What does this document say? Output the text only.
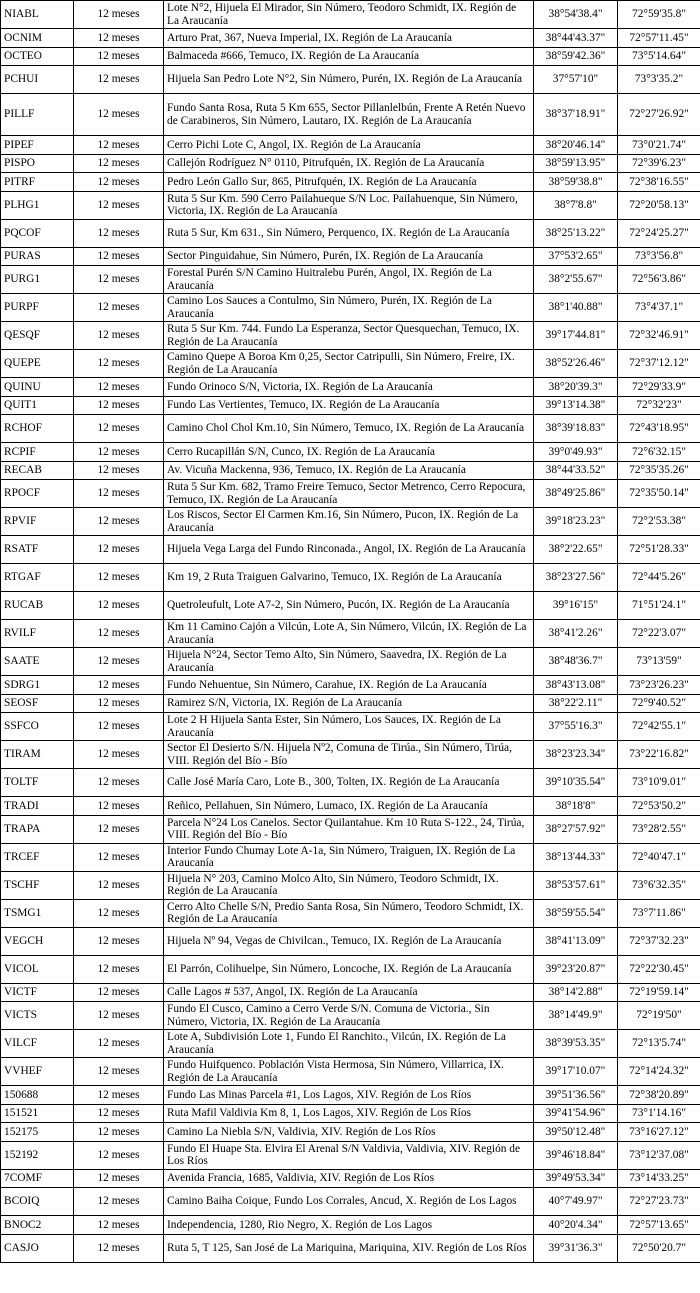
NIABL	12 meses	Lote N°2, Hijuela El Mirador, Sin Número, Teodoro Schmidt, IX. Región de La Araucanía	38°54'38.4"	72°59'35.8"
OCNIM	12 meses	Arturo Prat, 367, Nueva Imperial, IX. Región de La Araucanía	38°44'43.37"	72°57'11.45"
OCTEO	12 meses	Balmaceda #666, Temuco, IX. Región de La Araucanía	38°59'42.36"	73°5'14.64"
PCHUI	12 meses	Hijuela San Pedro Lote N°2, Sin Número, Purén, IX. Región de La Araucanía	37°57'10"	73°3'35.2"
PILLF	12 meses	Fundo Santa Rosa, Ruta 5 Km 655, Sector Pillanlelbún, Frente A Retén Nuevo de Carabineros, Sin Número, Lautaro, IX. Región de La Araucanía	38°37'18.91"	72°27'26.92"
PIPEF	12 meses	Cerro Pichi Lote C, Angol, IX. Región de La Araucanía	38°20'46.14"	73°0'21.74"
PISPO	12 meses	Callejón Rodríguez N° 0110, Pitrufquén, IX. Región de La Araucanía	38°59'13.95"	72°39'6.23"
PITRF	12 meses	Pedro León Gallo Sur, 865, Pitrufquén, IX. Región de La Araucanía	38°59'38.8"	72°38'16.55"
PLHG1	12 meses	Ruta 5 Sur Km. 590 Cerro Pailahueque S/N Loc. Pailahuenque, Sin Número, Victoria, IX. Región de La Araucanía	38°7'8.8"	72°20'58.13"
PQCOF	12 meses	Ruta 5 Sur, Km 631., Sin Número, Perquenco, IX. Región de La Araucanía	38°25'13.22"	72°24'25.27"
PURAS	12 meses	Sector Pinguidahue, Sin Número, Purén, IX. Región de La Araucanía	37°53'2.65"	73°3'56.8"
PURG1	12 meses	Forestal Purén S/N Camino Huitralebu Purén, Angol, IX. Región de La Araucanía	38°2'55.67"	72°56'3.86"
PURPF	12 meses	Camino Los Sauces a Contulmo, Sin Número, Purén, IX. Región de La Araucanía	38°1'40.88"	73°4'37.1"
QESQF	12 meses	Ruta 5 Sur Km. 744. Fundo La Esperanza, Sector Quesquechan, Temuco, IX. Región de La Araucanía	39°17'44.81"	72°32'46.91"
QUEPE	12 meses	Camino Quepe A Boroa Km 0,25, Sector Catripulli, Sin Número, Freire, IX. Región de La Araucanía	38°52'26.46"	72°37'12.12"
QUINU	12 meses	Fundo Orinoco S/N, Victoria, IX. Región de La Araucanía	38°20'39.3"	72°29'33.9"
QUIT1	12 meses	Fundo Las Vertientes, Temuco, IX. Región de La Araucanía	39°13'14.38"	72°32'23"
RCHOF	12 meses	Camino Chol Chol Km.10, Sin Número, Temuco, IX. Región de La Araucanía	38°39'18.83"	72°43'18.95"
RCPIF	12 meses	Cerro Rucapillán S/N, Cunco, IX. Región de La Araucanía	39°0'49.93"	72°6'32.15"
RECAB	12 meses	Av. Vicuña Mackenna, 936, Temuco, IX. Región de La Araucanía	38°44'33.52"	72°35'35.26"
RPOCF	12 meses	Ruta 5 Sur Km. 682, Tramo Freire Temuco, Sector Metrenco, Cerro Repocura, Temuco, IX. Región de La Araucanía	38°49'25.86"	72°35'50.14"
RPVIF	12 meses	Los Riscos, Sector El Carmen Km.16, Sin Número, Pucon, IX. Región de La Araucanía	39°18'23.23"	72°2'53.38"
RSATF	12 meses	Hijuela Vega Larga del Fundo Rinconada., Angol, IX. Región de La Araucanía	38°2'22.65"	72°51'28.33"
RTGAF	12 meses	Km 19, 2 Ruta Traiguen Galvarino, Temuco, IX. Región de La Araucanía	38°23'27.56"	72°44'5.26"
RUCAB	12 meses	Quetroleufult, Lote A7-2, Sin Número, Pucón, IX. Región de La Araucanía	39°16'15"	71°51'24.1"
RVILF	12 meses	Km 11 Camino Cajón a Vilcún, Lote A, Sin Número, Vilcún, IX. Región de La Araucanía	38°41'2.26"	72°22'3.07"
SAATE	12 meses	Hijuela N°24, Sector Temo Alto, Sin Número, Saavedra, IX. Región de La Araucanía	38°48'36.7"	73°13'59"
SDRG1	12 meses	Fundo Nehuentue, Sin Número, Carahue, IX. Región de La Araucanía	38°43'13.08"	73°23'26.23"
SEOSF	12 meses	Ramirez S/N, Victoria, IX. Región de La Araucanía	38°22'2.11"	72°9'40.52"
SSFCO	12 meses	Lote 2 H Hijuela Santa Ester, Sin Número, Los Sauces, IX. Región de La Araucanía	37°55'16.3"	72°42'55.1"
TIRAM	12 meses	Sector El Desierto S/N. Hijuela Nº2, Comuna de Tirúa., Sin Número, Tirúa, VIII. Región del Bío - Bío	38°23'23.34"	73°22'16.82"
TOLTF	12 meses	Calle José María Caro, Lote B., 300, Tolten, IX. Región de La Araucanía	39°10'35.54"	73°10'9.01"
TRADI	12 meses	Reñico, Pellahuen, Sin Número, Lumaco, IX. Región de La Araucanía	38°18'8"	72°53'50.2"
TRAPA	12 meses	Parcela N°24 Los Canelos. Sector Quilantahue. Km 10 Ruta S-122., 24, Tirúa, VIII. Región del Bío - Bío	38°27'57.92"	73°28'2.55"
TRCEF	12 meses	Interior Fundo Chumay Lote A-1a, Sin Número, Traiguen, IX. Región de La Araucanía	38°13'44.33"	72°40'47.1"
TSCHF	12 meses	Hijuela N° 203, Camino Molco Alto, Sin Número, Teodoro Schmidt, IX. Región de La Araucanía	38°53'57.61"	73°6'32.35"
TSMG1	12 meses	Cerro Alto Chelle S/N, Predio Santa Rosa, Sin Número, Teodoro Schmidt, IX. Región de La Araucanía	38°59'55.54"	73°7'11.86"
VEGCH	12 meses	Hijuela Nº 94, Vegas de Chivilcan., Temuco, IX. Región de La Araucanía	38°41'13.09"	72°37'32.23"
VICOL	12 meses	El Parrón, Colihuelpe, Sin Número, Loncoche, IX. Región de La Araucanía	39°23'20.87"	72°22'30.45"
VICTF	12 meses	Calle Lagos # 537, Angol, IX. Región de La Araucanía	38°14'2.88"	72°19'59.14"
VICTS	12 meses	Fundo El Cusco, Camino a Cerro Verde S/N. Comuna de Victoria., Sin Número, Victoria, IX. Región de La Araucanía	38°14'49.9"	72°19'50"
VILCF	12 meses	Lote A, Subdivisión Lote 1, Fundo El Ranchito., Vilcún, IX. Región de La Araucanía	38°39'53.35"	72°13'5.74"
VVHEF	12 meses	Fundo Huifquenco. Población Vista Hermosa, Sin Número, Villarrica, IX. Región de La Araucanía	39°17'10.07"	72°14'24.32"
150688	12 meses	Fundo Las Minas Parcela #1, Los Lagos, XIV. Región de Los Ríos	39°51'36.56"	72°38'20.89"
151521	12 meses	Ruta Mafil Valdivia Km 8, 1, Los Lagos, XIV. Región de Los Ríos	39°41'54.96"	73°1'14.16"
152175	12 meses	Camino La Niebla S/N, Valdivia, XIV. Región de Los Ríos	39°50'12.48"	73°16'27.12"
152192	12 meses	Fundo El Huape Sta. Elvira El Arenal S/N Valdivia, Valdivia, XIV. Región de Los Ríos	39°46'18.84"	73°12'37.08"
7COMF	12 meses	Avenida Francia, 1685, Valdivia, XIV. Región de Los Ríos	39°49'53.34"	73°14'33.25"
BCOIQ	12 meses	Camino Baiha Coique, Fundo Los Corrales, Ancud, X. Región de Los Lagos	40°7'49.97"	72°27'23.73"
BNOC2	12 meses	Independencia, 1280, Rio Negro, X. Región de Los Lagos	40°20'4.34"	72°57'13.65"
CASJO	12 meses	Ruta 5, T 125, San José de La Mariquina, Mariquina, XIV. Región de Los Ríos	39°31'36.3"	72°50'20.7"
